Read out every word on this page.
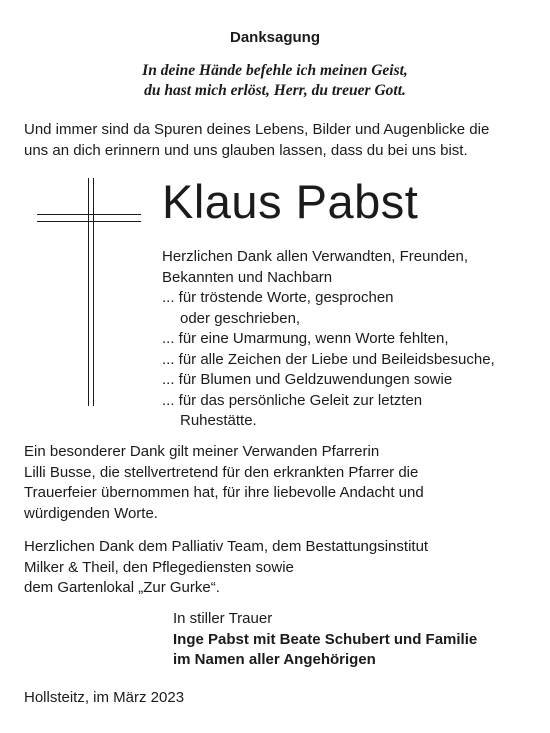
Danksagung
In deine Hände befehle ich meinen Geist,
du hast mich erlöst, Herr, du treuer Gott.
Und immer sind da Spuren deines Lebens, Bilder und Augenblicke die
uns an dich erinnern und uns glauben lassen, dass du bei uns bist.
Klaus Pabst
Herzlichen Dank allen Verwandten, Freunden,
Bekannten und Nachbarn
... für tröstende Worte, gesprochen
oder geschrieben,
... für eine Umarmung, wenn Worte fehlten,
... für alle Zeichen der Liebe und Beileidsbesuche,
... für Blumen und Geldzuwendungen sowie
... für das persönliche Geleit zur letzten
Ruhestätte.
Ein besonderer Dank gilt meiner Verwanden Pfarrerin
Lilli Busse, die stellvertretend für den erkrankten Pfarrer die
Trauerfeier übernommen hat, für ihre liebevolle Andacht und
würdigenden Worte.
Herzlichen Dank dem Palliativ Team, dem Bestattungsinstitut
Milker & Theil, den Pflegediensten sowie
dem Gartenlokal „Zur Gurke“.
In stiller Trauer
Inge Pabst mit Beate Schubert und Familie
im Namen aller Angehörigen
Hollsteitz, im März 2023
